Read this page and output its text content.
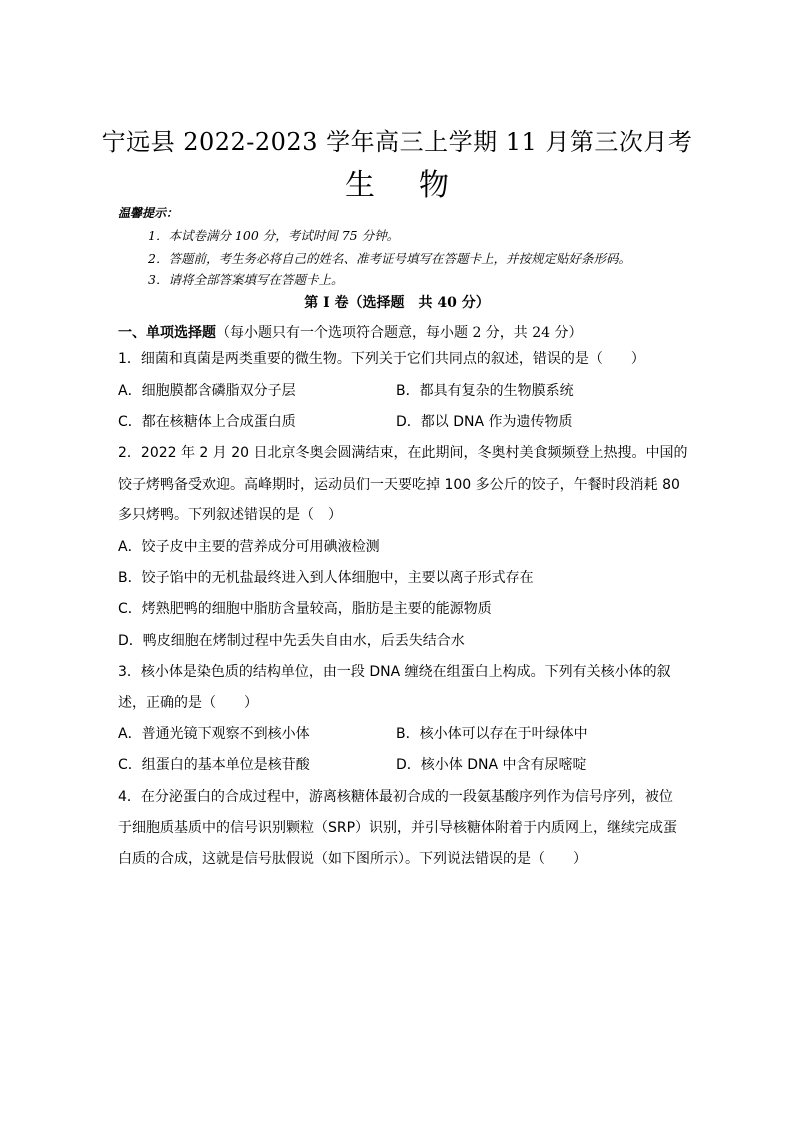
宁远县 2022-2023 学年高三上学期 11 月第三次月考
生物
温馨提示：
1．本试卷满分 100 分，考试时间 75 分钟。
2．答题前，考生务必将自己的姓名、准考证号填写在答题卡上，并按规定贴好条形码。
3．请将全部答案填写在答题卡上。
第 I 卷（选择题　共 40 分）
一、单项选择题（每小题只有一个选项符合题意，每小题 2 分，共 24 分）
1．细菌和真菌是两类重要的微生物。下列关于它们共同点的叙述，错误的是（　　）
A．细胞膜都含磷脂双分子层	B．都具有复杂的生物膜系统
C．都在核糖体上合成蛋白质	D．都以 DNA 作为遗传物质
2．2022 年 2 月 20 日北京冬奥会圆满结束，在此期间，冬奥村美食频频登上热搜。中国的
饺子烤鸭备受欢迎。高峰期时，运动员们一天要吃掉 100 多公斤的饺子，午餐时段消耗 80
多只烤鸭。下列叙述错误的是（　）
A．饺子皮中主要的营养成分可用碘液检测
B．饺子馅中的无机盐最终进入到人体细胞中，主要以离子形式存在
C．烤熟肥鸭的细胞中脂肪含量较高，脂肪是主要的能源物质
D．鸭皮细胞在烤制过程中先丢失自由水，后丢失结合水
3．核小体是染色质的结构单位，由一段 DNA 缠绕在组蛋白上构成。下列有关核小体的叙
述，正确的是（　　）
A．普通光镜下观察不到核小体	B．核小体可以存在于叶绿体中
C．组蛋白的基本单位是核苷酸	D．核小体 DNA 中含有尿嘧啶
4．在分泌蛋白的合成过程中，游离核糖体最初合成的一段氨基酸序列作为信号序列，被位
于细胞质基质中的信号识别颗粒（SRP）识别，并引导核糖体附着于内质网上，继续完成蛋
白质的合成，这就是信号肽假说（如下图所示）。下列说法错误的是（　　）
